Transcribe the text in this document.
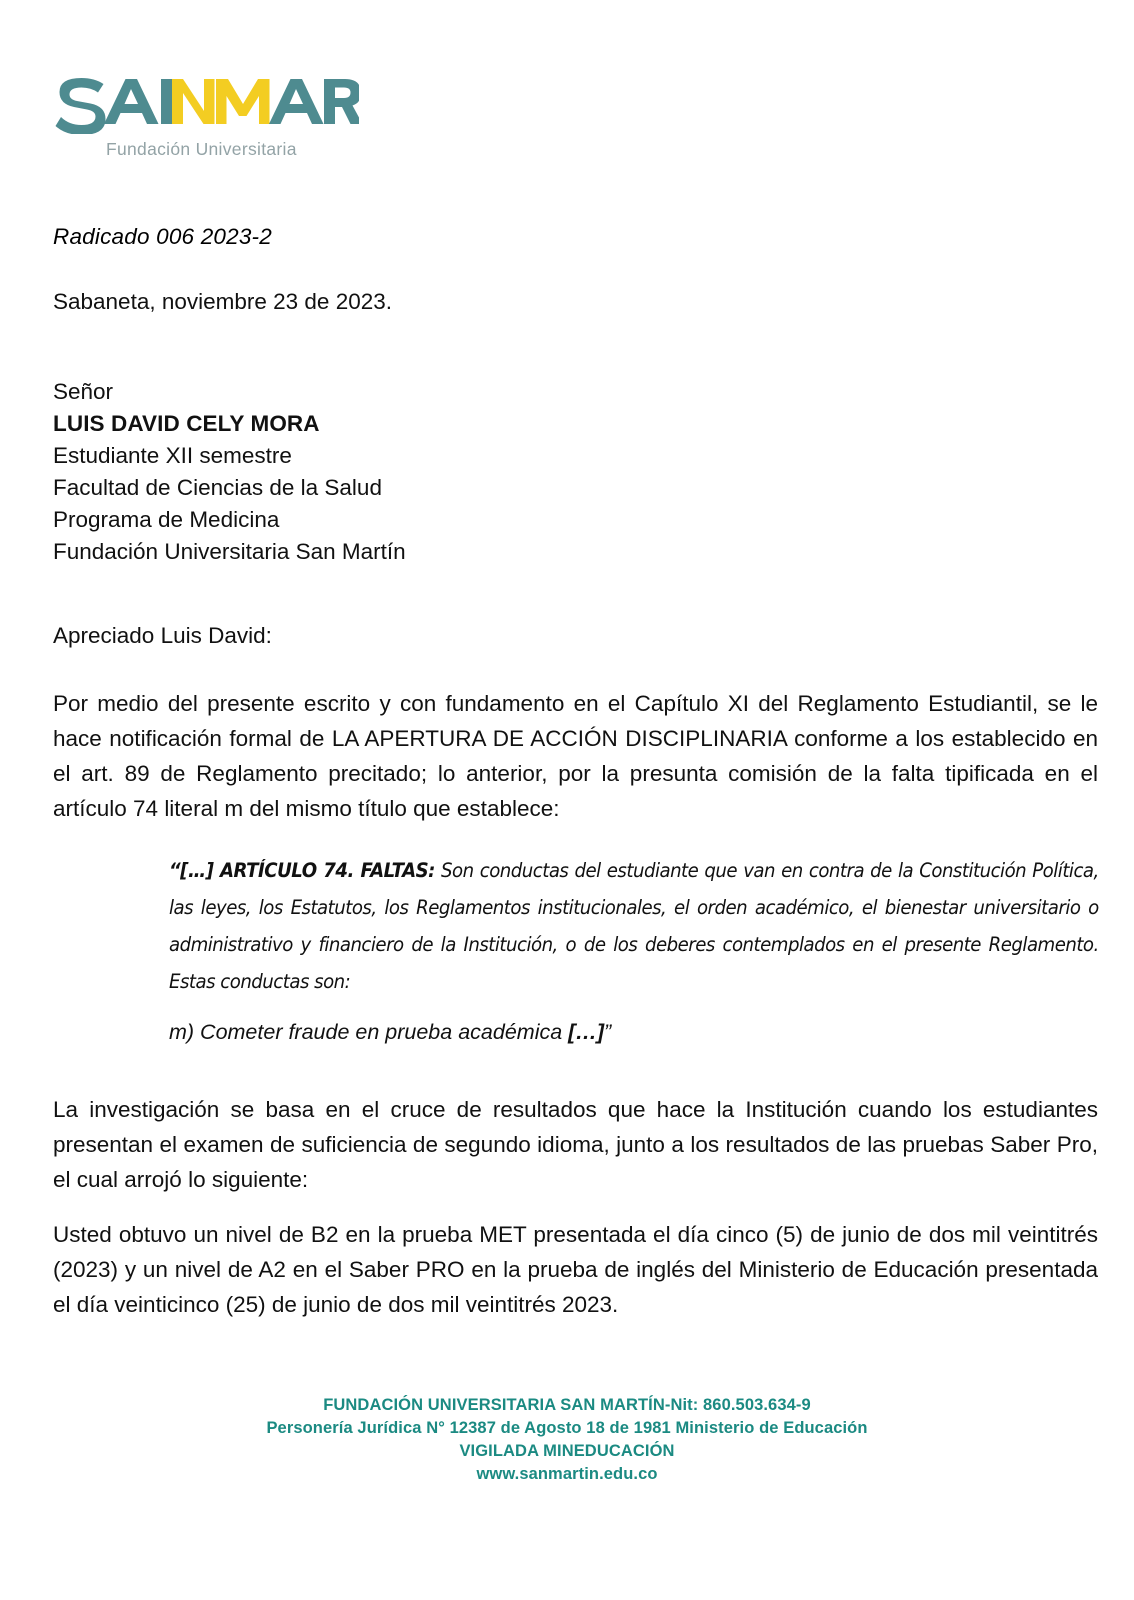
Fundación Universitaria
Radicado 006 2023-2
Sabaneta, noviembre 23 de 2023.
Señor
LUIS DAVID CELY MORA
Estudiante XII semestre
Facultad de Ciencias de la Salud
Programa de Medicina
Fundación Universitaria San Martín
Apreciado Luis David:

Por medio del presente escrito y con fundamento en el Capítulo XI del Reglamento Estudiantil, se le hace notificación formal de LA APERTURA DE ACCIÓN DISCIPLINARIA conforme a los establecido en el art. 89 de Reglamento precitado; lo anterior, por la presunta comisión de la falta tipificada en el artículo 74 literal m del mismo título que establece:

“[…] ARTÍCULO 74. FALTAS: Son conductas del estudiante que van en contra de la Constitución Política, las leyes, los Estatutos, los Reglamentos institucionales, el orden académico, el bienestar universitario o administrativo y financiero de la Institución, o de los deberes contemplados en el presente Reglamento. Estas conductas son:

m) Cometer fraude en prueba académica […]”

La investigación se basa en el cruce de resultados que hace la Institución cuando los estudiantes presentan el examen de suficiencia de segundo idioma, junto a los resultados de las pruebas Saber Pro, el cual arrojó lo siguiente:

Usted obtuvo un nivel de B2 en la prueba MET presentada el día cinco (5) de junio de dos mil veintitrés (2023) y un nivel de A2 en el Saber PRO en la prueba de inglés del Ministerio de Educación presentada el día veinticinco (25) de junio de dos mil veintitrés 2023.

FUNDACIÓN UNIVERSITARIA SAN MARTÍN-Nit: 860.503.634-9
Personería Jurídica N° 12387 de Agosto 18 de 1981 Ministerio de Educación
VIGILADA MINEDUCACIÓN
www.sanmartin.edu.co
